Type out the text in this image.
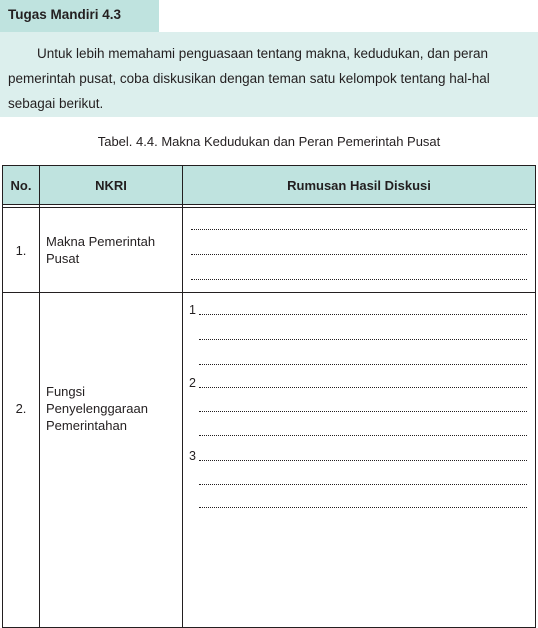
Tugas Mandiri 4.3
Untuk lebih memahami penguasaan tentang makna, kedudukan, dan peran pemerintah pusat, coba diskusikan dengan teman satu kelompok tentang hal-hal sebagai berikut.
Tabel. 4.4. Makna Kedudukan dan Peran Pemerintah Pusat
No.	NKRI	Rumusan Hasil Diskusi

1.	Makna Pemerintah Pusat	

2.	Fungsi Penyelenggaraan Pemerintahan	1
2
3
